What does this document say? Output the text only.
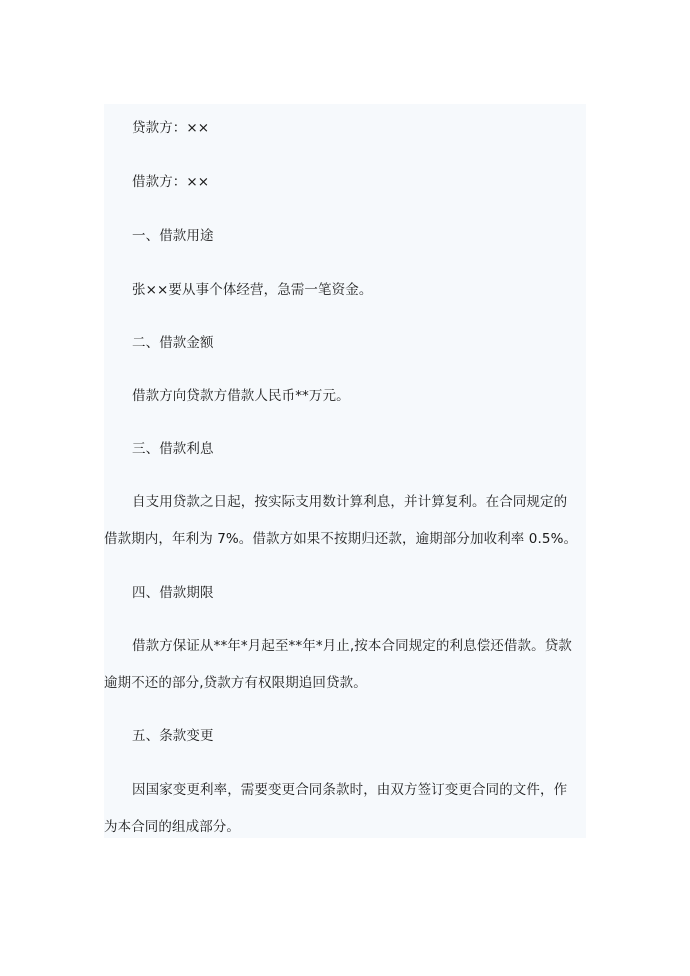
贷款方：××
借款方：××
一、借款用途
张××要从事个体经营，急需一笔资金。
二、借款金额
借款方向贷款方借款人民币**万元。
三、借款利息
自支用贷款之日起，按实际支用数计算利息，并计算复利。在合同规定的
借款期内，年利为 7%。借款方如果不按期归还款，逾期部分加收利率 0.5%。
四、借款期限
借款方保证从**年*月起至**年*月止,按本合同规定的利息偿还借款。贷款
逾期不还的部分,贷款方有权限期追回贷款。
五、条款变更
因国家变更利率，需要变更合同条款时，由双方签订变更合同的文件，作
为本合同的组成部分。
